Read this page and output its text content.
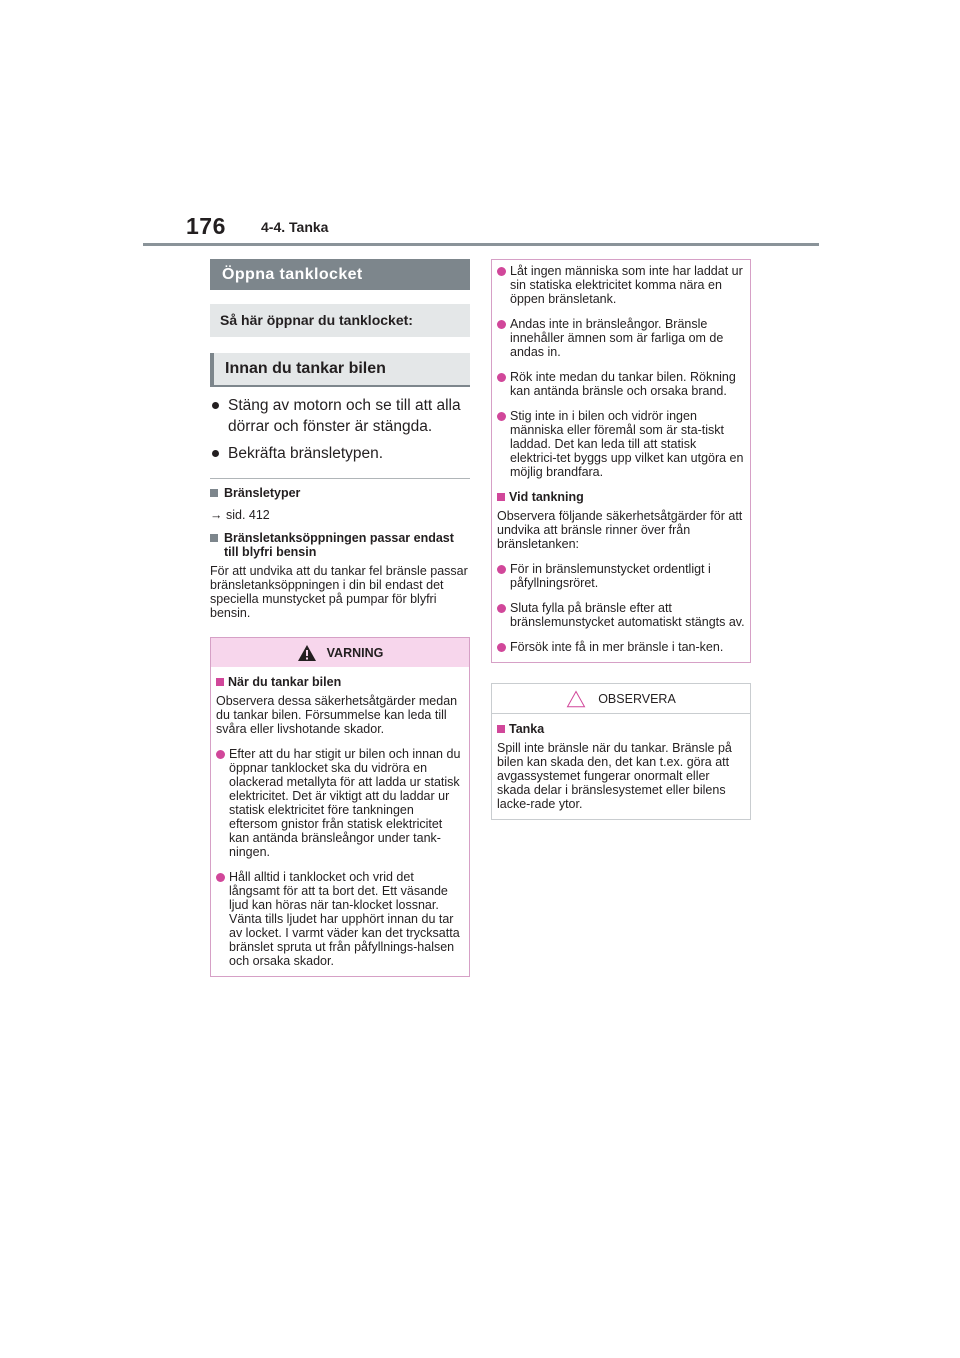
176	4-4. Tanka
Öppna tanklocket
Så här öppnar du tanklocket:
Innan du tankar bilen
Stäng av motorn och se till att alla dörrar och fönster är stängda.
Bekräfta bränsletypen.
Bränsletyper
→ sid. 412
Bränsletanksöppningen passar endast till blyfri bensin
För att undvika att du tankar fel bränsle passar bränsletanksöppningen i din bil endast det speciella munstycket på pumpar för blyfri bensin.
VARNING
När du tankar bilen
Observera dessa säkerhetsåtgärder medan du tankar bilen. Försummelse kan leda till svåra eller livshotande skador.
Efter att du har stigit ur bilen och innan du öppnar tanklocket ska du vidröra en olackerad metallyta för att ladda ur statisk elektricitet. Det är viktigt att du laddar ur statisk elektricitet före tankningen eftersom gnistor från statisk elektricitet kan antända bränsleångor under tank-ningen.
Håll alltid i tanklocket och vrid det långsamt för att ta bort det. Ett väsande ljud kan höras när tan-klocket lossnar. Vänta tills ljudet har upphört innan du tar av locket. I varmt väder kan det trycksatta bränslet spruta ut från påfyllnings-halsen och orsaka skador.
Låt ingen människa som inte har laddat ur sin statiska elektricitet komma nära en öppen bränsletank.
Andas inte in bränsleångor. Bränsle innehåller ämnen som är farliga om de andas in.
Rök inte medan du tankar bilen. Rökning kan antända bränsle och orsaka brand.
Stig inte in i bilen och vidrör ingen människa eller föremål som är sta-tiskt laddad. Det kan leda till att statisk elektrici-tet byggs upp vilket kan utgöra en möjlig brandfara.
Vid tankning
Observera följande säkerhetsåtgärder för att undvika att bränsle rinner över från bränsletanken:
För in bränslemunstycket ordentligt i påfyllningsröret.
Sluta fylla på bränsle efter att bränslemunstycket automatiskt stängts av.
Försök inte få in mer bränsle i tan-ken.
OBSERVERA
Tanka
Spill inte bränsle när du tankar. Bränsle på bilen kan skada den, det kan t.ex. göra att avgassystemet fungerar onormalt eller skada delar i bränslesystemet eller bilens lacke-rade ytor.
